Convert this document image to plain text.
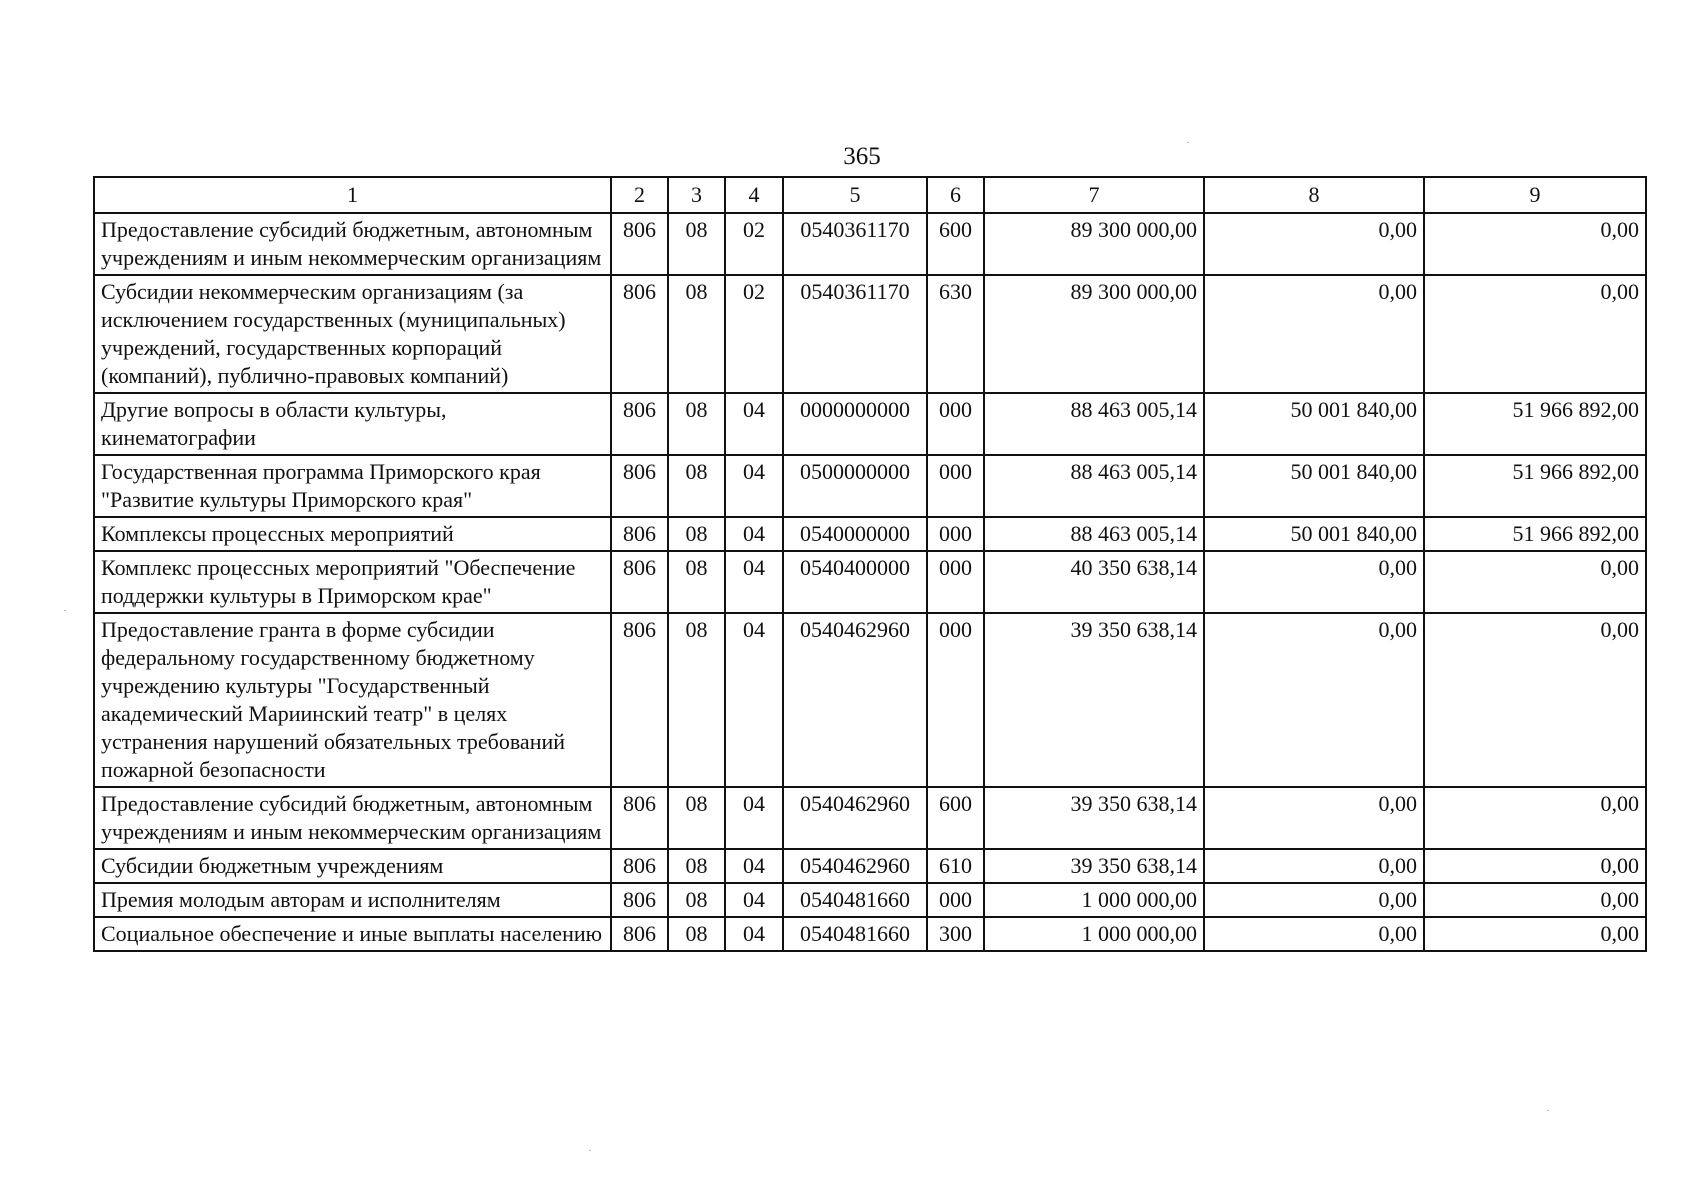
365
1	2	3	4	5	6	7	8	9
Предоставление субсидий бюджетным, автономным учреждениям и иным некоммерческим организациям	806	08	02	0540361170	600	89 300 000,00	0,00	0,00
Субсидии некоммерческим организациям (за исключением государственных (муниципальных) учреждений, государственных корпораций (компаний), публично-правовых компаний)	806	08	02	0540361170	630	89 300 000,00	0,00	0,00
Другие вопросы в области культуры, кинематографии	806	08	04	0000000000	000	88 463 005,14	50 001 840,00	51 966 892,00
Государственная программа Приморского края "Развитие культуры Приморского края"	806	08	04	0500000000	000	88 463 005,14	50 001 840,00	51 966 892,00
Комплексы процессных мероприятий	806	08	04	0540000000	000	88 463 005,14	50 001 840,00	51 966 892,00
Комплекс процессных мероприятий "Обеспечение поддержки культуры в Приморском крае"	806	08	04	0540400000	000	40 350 638,14	0,00	0,00
Предоставление гранта в форме субсидии федеральному государственному бюджетному учреждению культуры "Государственный академический Мариинский театр" в целях устранения нарушений обязательных требований пожарной безопасности	806	08	04	0540462960	000	39 350 638,14	0,00	0,00
Предоставление субсидий бюджетным, автономным учреждениям и иным некоммерческим организациям	806	08	04	0540462960	600	39 350 638,14	0,00	0,00
Субсидии бюджетным учреждениям	806	08	04	0540462960	610	39 350 638,14	0,00	0,00
Премия молодым авторам и исполнителям	806	08	04	0540481660	000	1 000 000,00	0,00	0,00
Социальное обеспечение и иные выплаты населению	806	08	04	0540481660	300	1 000 000,00	0,00	0,00
